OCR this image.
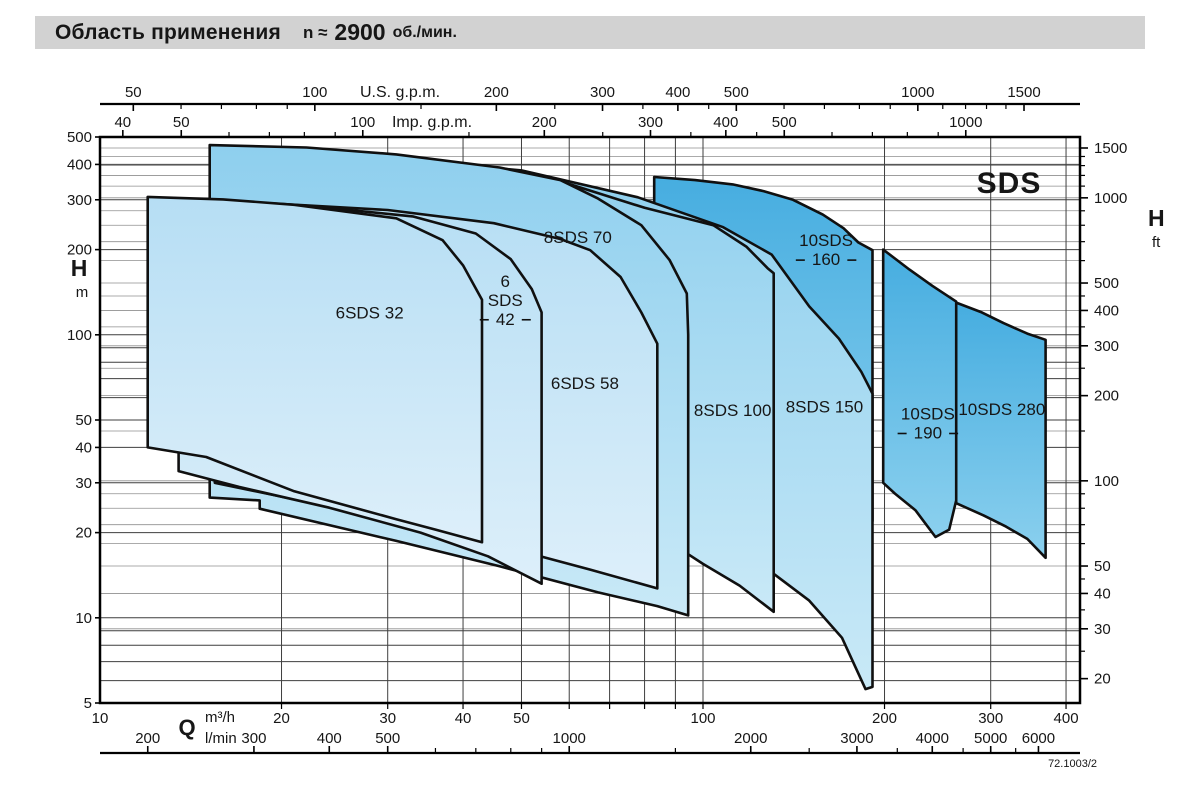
Область применения n ≈ 2900 об./мин.
10SDS 280
10SDS
190
10SDS
160
8SDS 150
8SDS 100
8SDS 70
6SDS 58
6
SDS
42
6SDS 32
50	100	200	300	400 500	1000	1500
U.S. g.p.m.
40	50	100	200	300	400 500	1000
Imp. g.p.m.
500
400
300
200
100
50
40
30
20
10
5
H
m
1500
1000
500
400
300
200
100
50
40
30
20
H
ft
10	20	30	40	50	100	200	300	400
Q m³/h
l/min
200	300	400 500	1000	2000	3000	4000 5000 6000
SDS
72.1003/2
